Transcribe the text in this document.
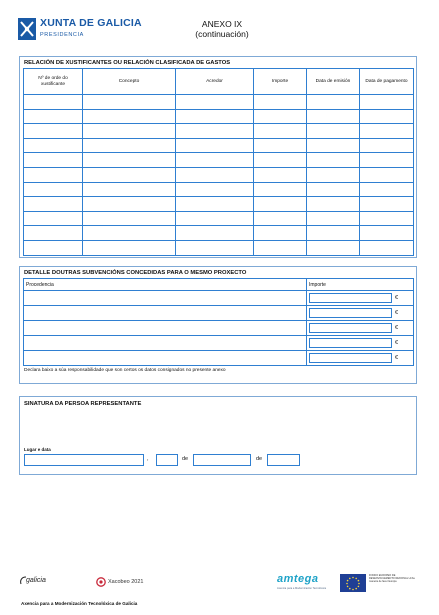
XUNTA DE GALICIA
PRESIDENCIA
ANEXO IX
(continuación)
RELACIÓN DE XUSTIFICANTES OU RELACIÓN CLASIFICADA DE GASTOS
Nº de orde do xustificante	Concepto	Acredor	Importe	Data de emisión	Data de pagamento

DETALLE DOUTRAS SUBVENCIÓNS CONCEDIDAS PARA O MESMO PROXECTO
Procedencia	Importe
	€
	€
	€
	€
	€
Declara baixo a súa responsabilidade que son certos os datos consignados no presente anexo
SINATURA DA PERSOA REPRESENTANTE
Lugar e data
,	de	de
galicia	Xacobeo 2021	amtega
Axencia para a Modernización Tecnolóxica
FONDO EUROPEO DE DESENVOLVEMENTO REXIONAL Unha maneira de facer Europa
Axencia para a Modernización Tecnolóxica de Galicia
